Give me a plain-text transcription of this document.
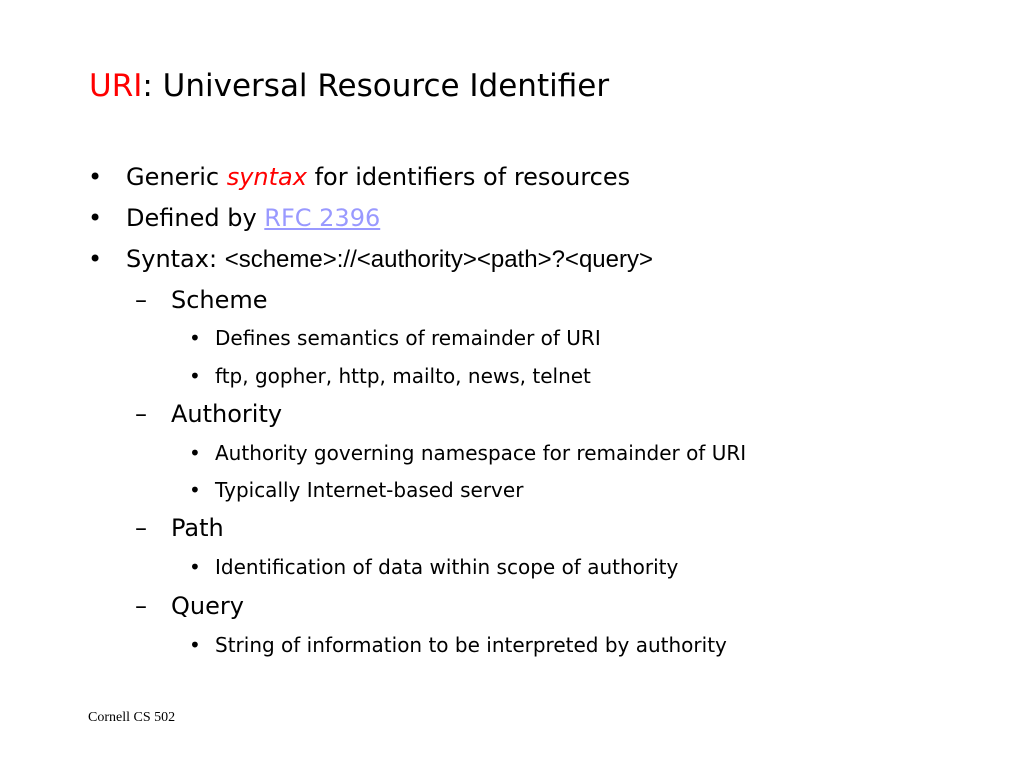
URI: Universal Resource Identifier
• Generic syntax for identifiers of resources
• Defined by RFC 2396
• Syntax: <scheme>://<authority><path>?<query>
– Scheme
• Defines semantics of remainder of URI
• ftp, gopher, http, mailto, news, telnet
– Authority
• Authority governing namespace for remainder of URI
• Typically Internet-based server
– Path
• Identification of data within scope of authority
– Query
• String of information to be interpreted by authority
Cornell CS 502
